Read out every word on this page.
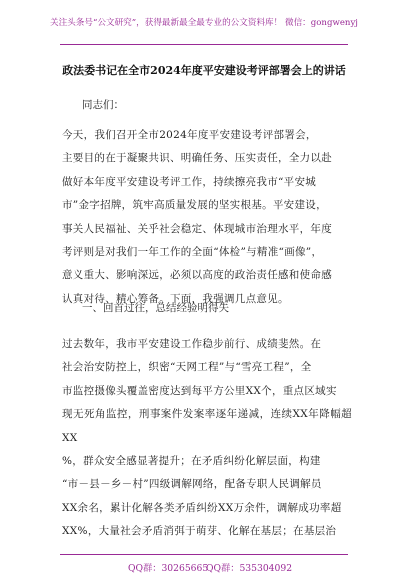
关注头条号“公文研究”，获得最新最全最专业的公文资料库！ 微信：gongwenyj
政法委书记在全市2024年度平安建设考评部署会上的讲话
同志们：
今天，我们召开全市2024年度平安建设考评部署会，
主要目的在于凝聚共识、明确任务、压实责任，全力以赴
做好本年度平安建设考评工作，持续擦亮我市“平安城
市”金字招牌，筑牢高质量发展的坚实根基。平安建设，
事关人民福祉、关乎社会稳定、体现城市治理水平，年度
考评则是对我们一年工作的全面“体检”与精准“画像”，
意义重大、影响深远，必须以高度的政治责任感和使命感
认真对待、精心筹备。下面，我强调几点意见。
一、回首过往，总结经验明得失
过去数年，我市平安建设工作稳步前行、成绩斐然。在
社会治安防控上，织密“天网工程”与“雪亮工程”，全
市监控摄像头覆盖密度达到每平方公里XX个，重点区域实
现无死角监控，刑事案件发案率逐年递减，连续XX年降幅超XX
%，群众安全感显著提升；在矛盾纠纷化解层面，构建
“市－县－乡－村”四级调解网络，配备专职人民调解员
XX余名，累计化解各类矛盾纠纷XX万余件，调解成功率超
XX%，大量社会矛盾消弭于萌芽、化解在基层；在基层治
QQ群：30265665
QQ群：535304092
